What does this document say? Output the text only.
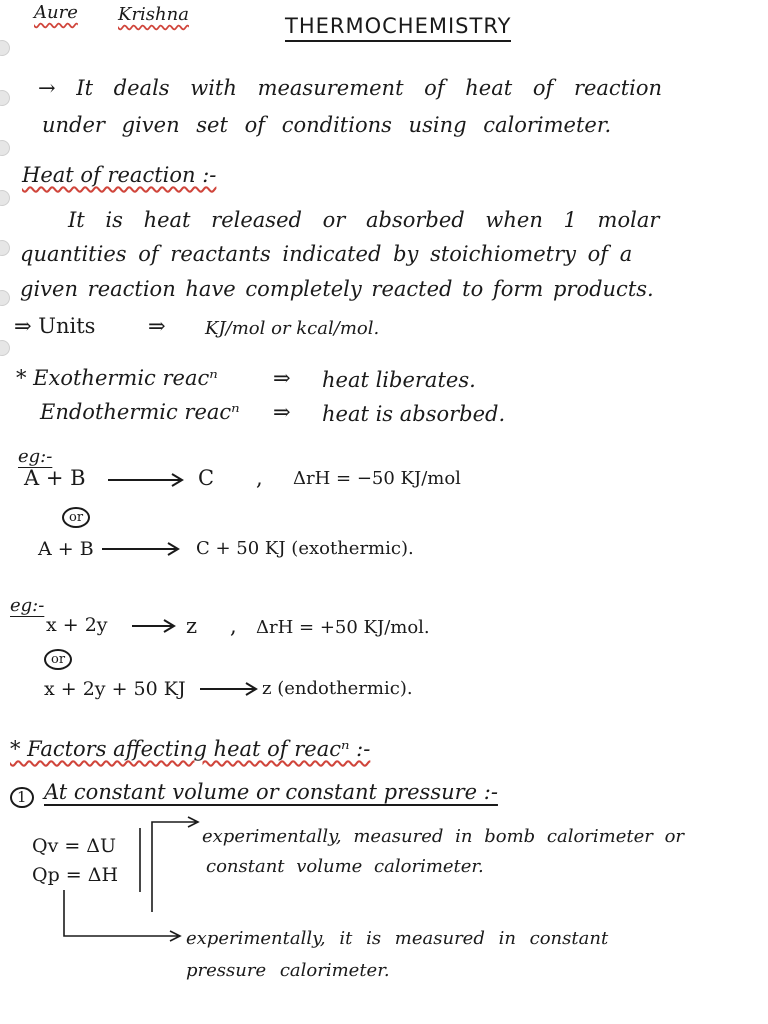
Aure Krishna	THERMOCHEMISTRY
→ It deals with measurement of heat of reaction
under given set of conditions using calorimeter.
Heat of reaction :-
It is heat released or absorbed when 1 molar
quantities of reactants indicated by stoichiometry of a
given reaction have completely reacted to form products.
⇒ Units	⇒ KJ/mol or kcal/mol.
* Exothermic reacⁿ	⇒ heat liberates.
Endothermic reacⁿ ⇒ heat is absorbed.
eg:-
A + B	C , ΔrH = −50 KJ/mol
or
A + B	C + 50 KJ (exothermic).
eg:-
x + 2y	z , ΔrH = +50 KJ/mol.
or
x + 2y + 50 KJ	z (endothermic).
* Factors affecting heat of reacⁿ :-
1 At constant volume or constant pressure :-
Qv = ΔU
Qp = ΔH
experimentally, measured in bomb calorimeter or
constant volume calorimeter.
experimentally, it is measured in constant
pressure calorimeter.
